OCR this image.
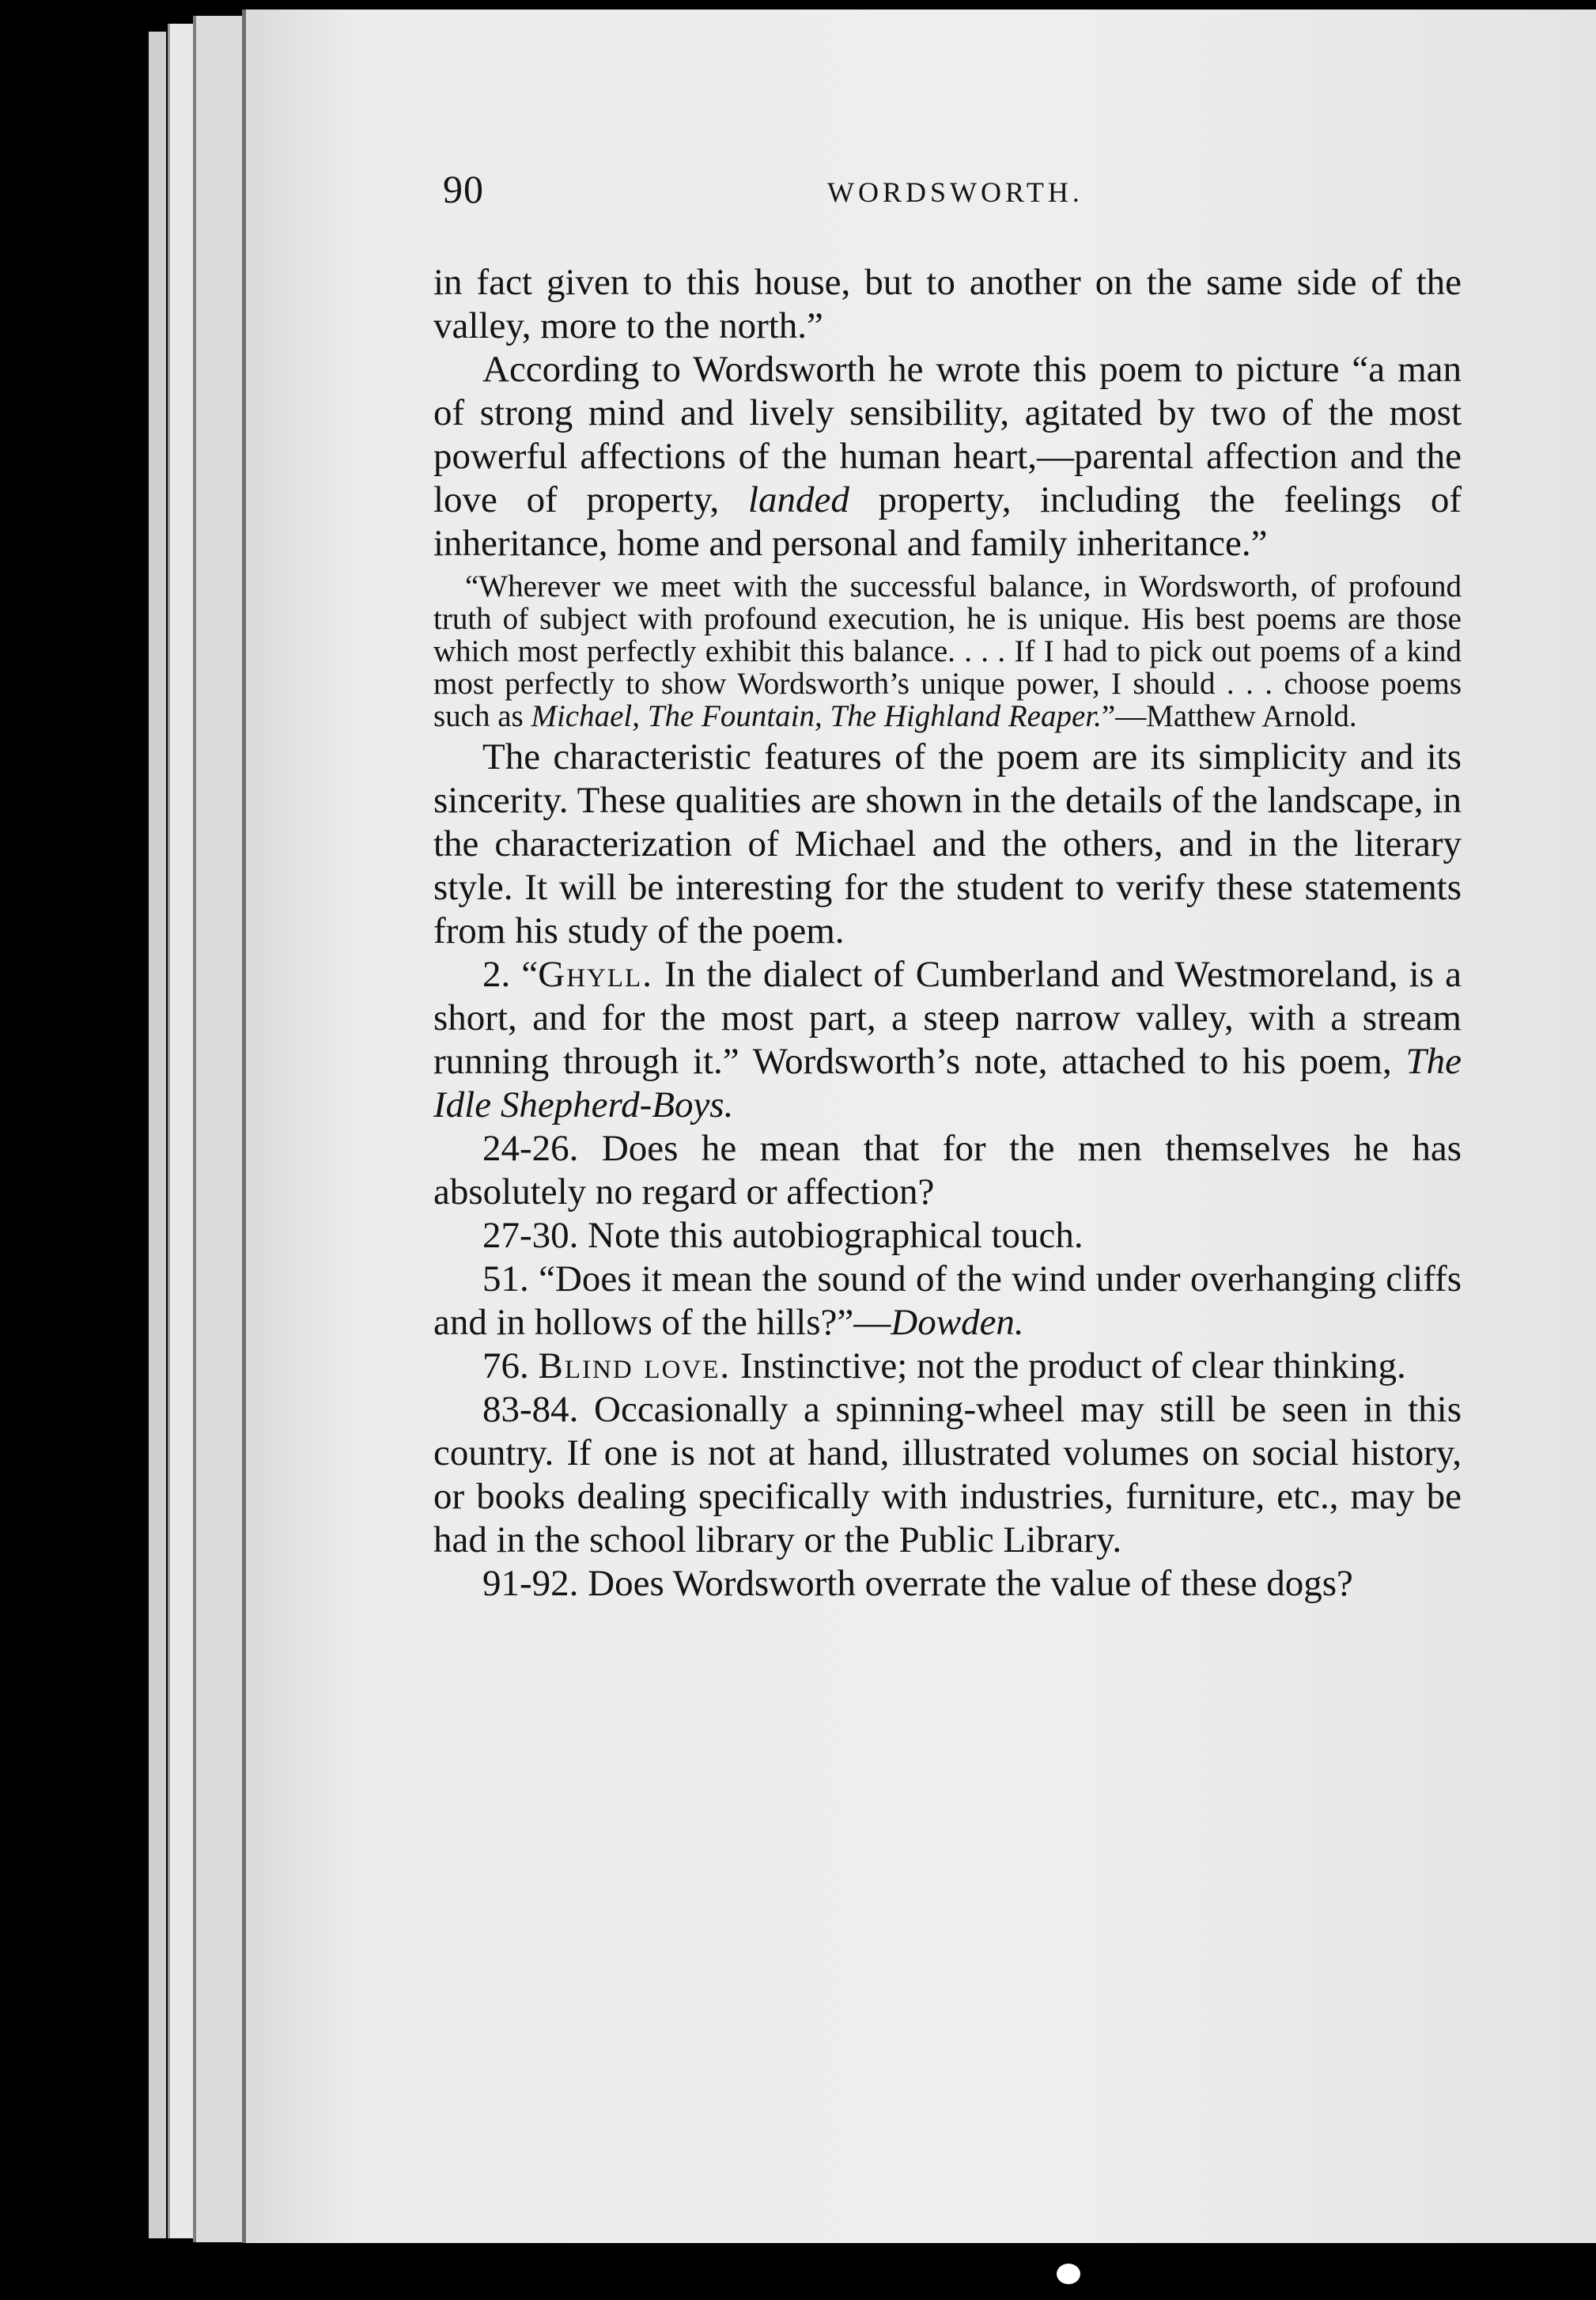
90	WORDSWORTH.

in fact given to this house, but to another on the same side of the valley, more to the north.”

According to Wordsworth he wrote this poem to picture “a man of strong mind and lively sensibility, agitated by two of the most powerful affections of the human heart,—parental affection and the love of property, landed property, including the feelings of inheritance, home and personal and family inheritance.”

“Wherever we meet with the successful balance, in Wordsworth, of profound truth of subject with profound execution, he is unique. His best poems are those which most perfectly exhibit this balance. . . . If I had to pick out poems of a kind most perfectly to show Wordsworth’s unique power, I should . . . choose poems such as Michael, The Fountain, The Highland Reaper.”—Matthew Arnold.

The characteristic features of the poem are its simplicity and its sincerity. These qualities are shown in the details of the landscape, in the characterization of Michael and the others, and in the literary style. It will be interesting for the student to verify these statements from his study of the poem.

2. “Ghyll. In the dialect of Cumberland and Westmoreland, is a short, and for the most part, a steep narrow valley, with a stream running through it.” Wordsworth’s note, attached to his poem, The Idle Shepherd-Boys.

24-26. Does he mean that for the men themselves he has absolutely no regard or affection?

27-30. Note this autobiographical touch.

51. “Does it mean the sound of the wind under overhanging cliffs and in hollows of the hills?”—Dowden.

76. Blind love. Instinctive; not the product of clear thinking.

83-84. Occasionally a spinning-wheel may still be seen in this country. If one is not at hand, illustrated volumes on social history, or books dealing specifically with industries, furniture, etc., may be had in the school library or the Public Library.

91-92. Does Wordsworth overrate the value of these dogs?
